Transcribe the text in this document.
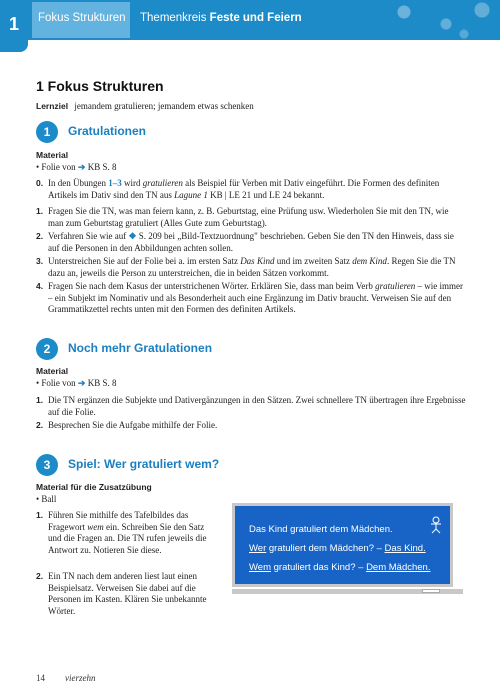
1	Fokus Strukturen Themenkreis Feste und Feiern
1 Fokus Strukturen
Lernziel jemandem gratulieren; jemandem etwas schenken
1	Gratulationen
Material
• Folie von ➔ KB S. 8
0. In den Übungen 1–3 wird gratulieren als Beispiel für Verben mit Dativ eingeführt. Die Formen des definiten Artikels im Dativ sind den TN aus Lagune 1 KB | LE 21 und LE 24 bekannt.
1. Fragen Sie die TN, was man feiern kann, z. B. Geburtstag, eine Prüfung usw. Wiederholen Sie mit den TN, wie man zum Geburtstag gratuliert (Alles Gute zum Geburtstag).
2. Verfahren Sie wie auf ❖ S. 209 bei „Bild-Textzuordnung" beschrieben. Geben Sie den TN den Hinweis, dass sie auf die Personen in den Abbildungen achten sollen.
3. Unterstreichen Sie auf der Folie bei a. im ersten Satz Das Kind und im zweiten Satz dem Kind. Regen Sie die TN dazu an, jeweils die Person zu unterstreichen, die in beiden Sätzen vorkommt.
4. Fragen Sie nach dem Kasus der unterstrichenen Wörter. Erklären Sie, dass man beim Verb gratulieren – wie immer – ein Subjekt im Nominativ und als Besonderheit auch eine Ergänzung im Dativ braucht. Verweisen Sie auf den Grammatikzettel rechts unten mit den Formen des definiten Artikels.
2	Noch mehr Gratulationen
Material
• Folie von ➔ KB S. 8
1. Die TN ergänzen die Subjekte und Dativergänzungen in den Sätzen. Zwei schnellere TN übertragen ihre Ergebnisse auf die Folie.
2. Besprechen Sie die Aufgabe mithilfe der Folie.
3	Spiel: Wer gratuliert wem?
Material für die Zusatzübung
• Ball
1. Führen Sie mithilfe des Tafelbildes das Fragewort wem ein. Schreiben Sie den Satz und die Fragen an. Die TN rufen jeweils die Antwort zu. Notieren Sie diese.
2. Ein TN nach dem anderen liest laut einen Beispielsatz. Verweisen Sie dabei auf die Personen im Kasten. Klären Sie unbekannte Wörter.
Das Kind gratuliert dem Mädchen.
Wer gratuliert dem Mädchen? – Das Kind.
Wem gratuliert das Kind? – Dem Mädchen.
14 vierzehn
